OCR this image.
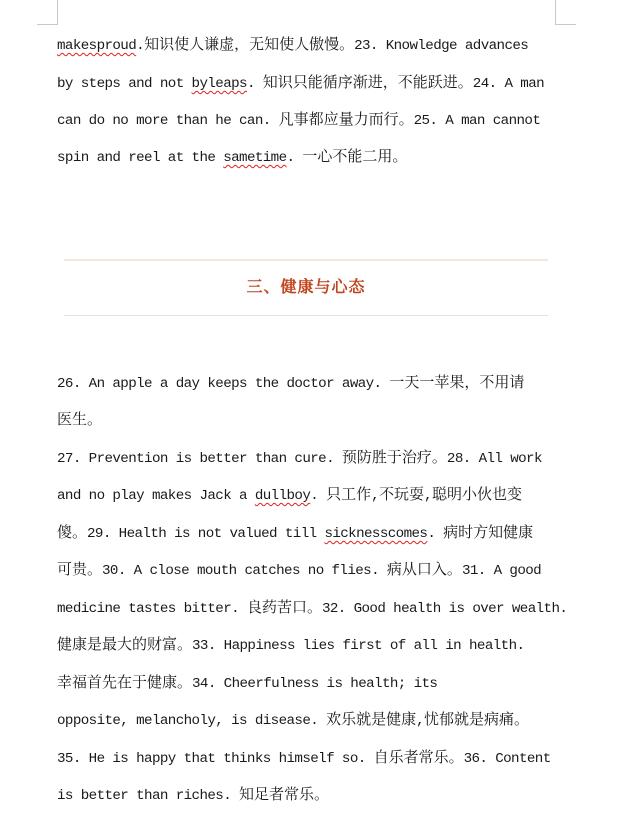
makesproud.知识使人谦虚，无知使人傲慢。23. Knowledge advances
by steps and not byleaps. 知识只能循序渐进，不能跃进。24. A man
can do no more than he can. 凡事都应量力而行。25. A man cannot
spin and reel at the sametime. 一心不能二用。
26. An apple a day keeps the doctor away. 一天一苹果，不用请
医生。
27. Prevention is better than cure. 预防胜于治疗。28. All work
and no play makes Jack a dullboy. 只工作,不玩耍,聪明小伙也变
傻。29. Health is not valued till sicknesscomes. 病时方知健康
可贵。30. A close mouth catches no flies. 病从口入。31. A good
medicine tastes bitter. 良药苦口。32. Good health is over wealth.
健康是最大的财富。33. Happiness lies first of all in health.
幸福首先在于健康。34. Cheerfulness is health; its
opposite, melancholy, is disease. 欢乐就是健康,忧郁就是病痛。
35. He is happy that thinks himself so. 自乐者常乐。36. Content
is better than riches. 知足者常乐。
三、健康与心态
